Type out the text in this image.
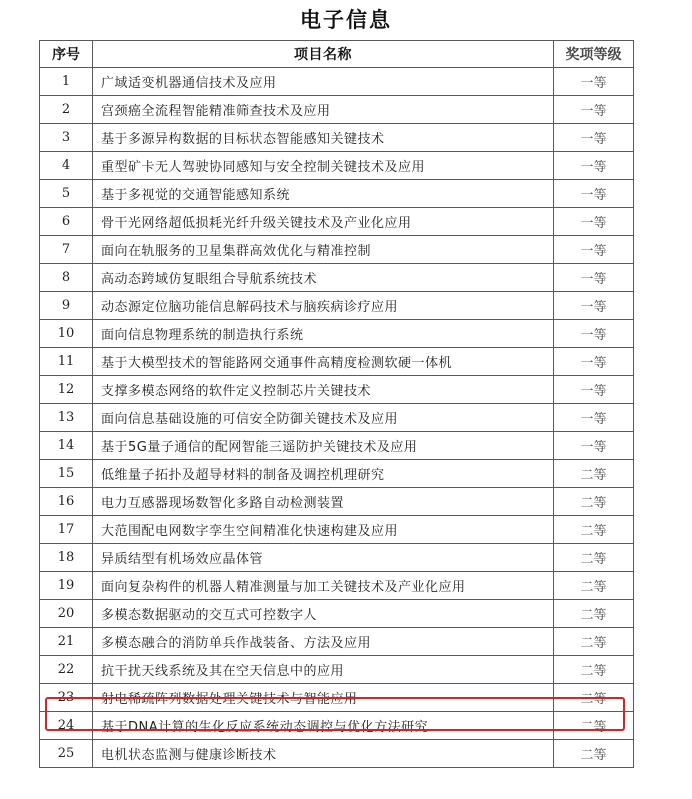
电子信息
序号	项目名称	奖项等级
1	广域适变机器通信技术及应用	一等
2	宫颈癌全流程智能精准筛查技术及应用	一等
3	基于多源异构数据的目标状态智能感知关键技术	一等
4	重型矿卡无人驾驶协同感知与安全控制关键技术及应用	一等
5	基于多视觉的交通智能感知系统	一等
6	骨干光网络超低损耗光纤升级关键技术及产业化应用	一等
7	面向在轨服务的卫星集群高效优化与精准控制	一等
8	高动态跨域仿复眼组合导航系统技术	一等
9	动态源定位脑功能信息解码技术与脑疾病诊疗应用	一等
10	面向信息物理系统的制造执行系统	一等
11	基于大模型技术的智能路网交通事件高精度检测软硬一体机	一等
12	支撑多模态网络的软件定义控制芯片关键技术	一等
13	面向信息基础设施的可信安全防御关键技术及应用	一等
14	基于5G量子通信的配网智能三遥防护关键技术及应用	一等
15	低维量子拓扑及超导材料的制备及调控机理研究	二等
16	电力互感器现场数智化多路自动检测装置	二等
17	大范围配电网数字孪生空间精准化快速构建及应用	二等
18	异质结型有机场效应晶体管	二等
19	面向复杂构件的机器人精准测量与加工关键技术及产业化应用	二等
20	多模态数据驱动的交互式可控数字人	二等
21	多模态融合的消防单兵作战装备、方法及应用	二等
22	抗干扰天线系统及其在空天信息中的应用	二等
23	射电稀疏阵列数据处理关键技术与智能应用	二等
24	基于DNA计算的生化反应系统动态调控与优化方法研究	二等
25	电机状态监测与健康诊断技术	二等
